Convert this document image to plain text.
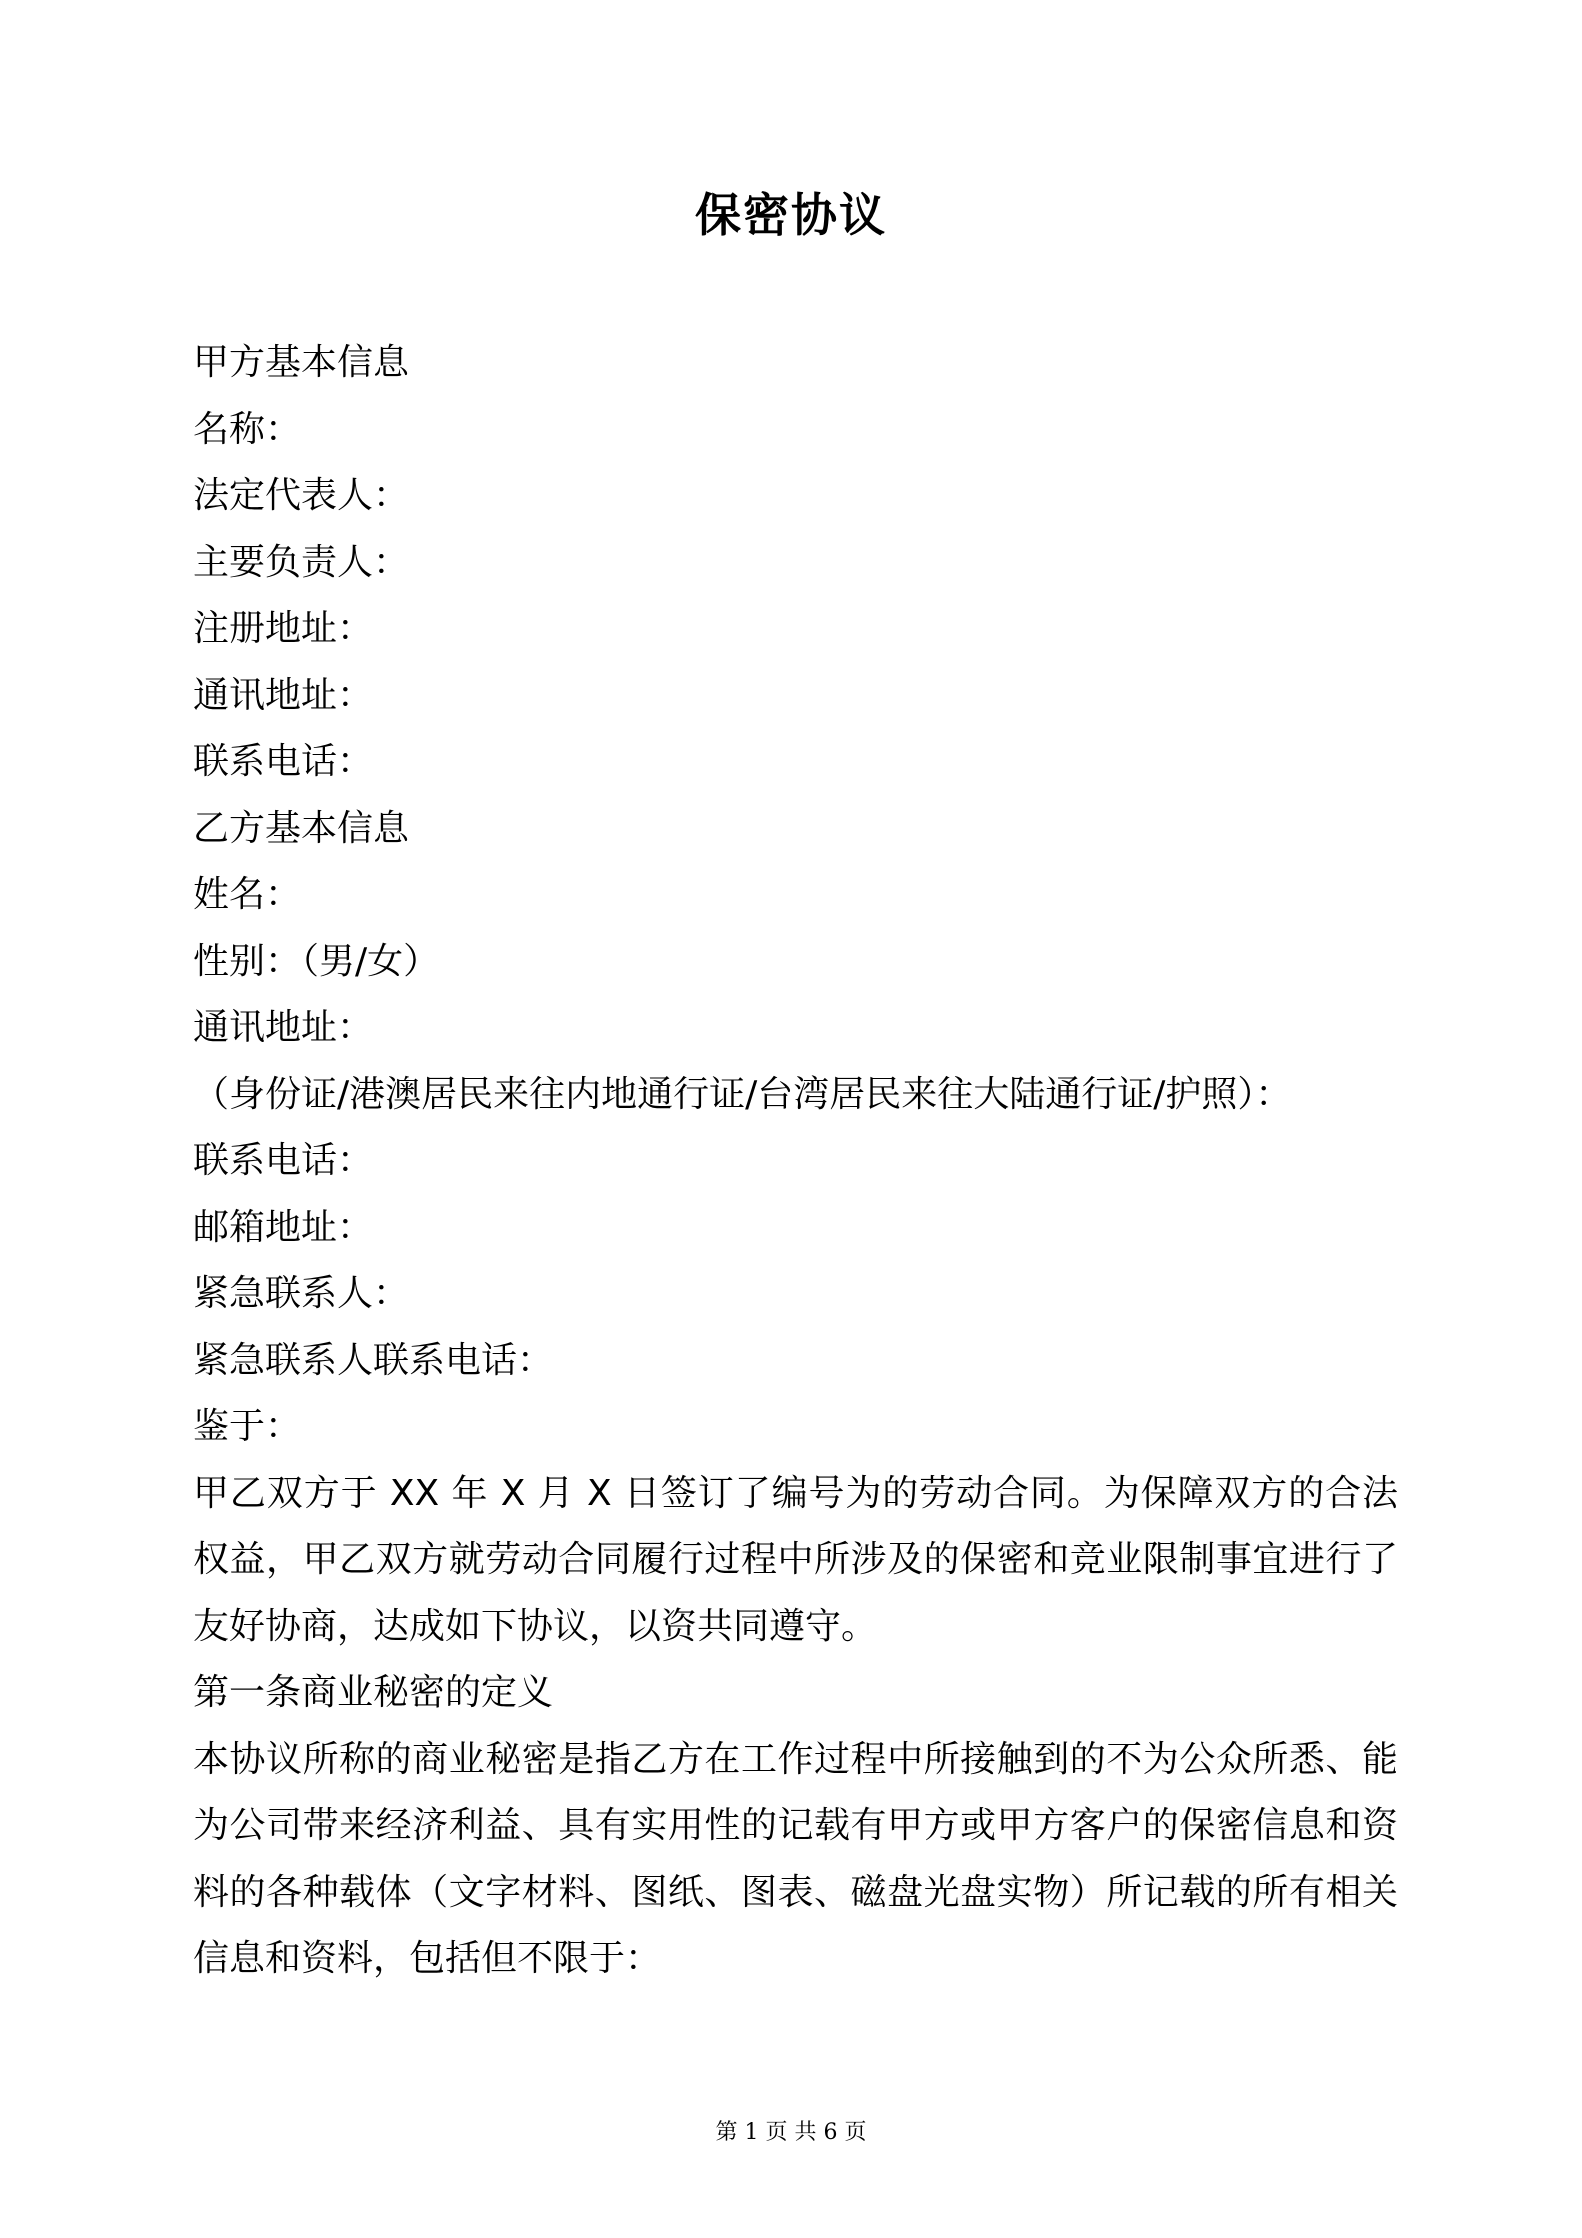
保密协议
甲方基本信息
名称：
法定代表人：
主要负责人：
注册地址：
通讯地址：
联系电话：
乙方基本信息
姓名：
性别：（男/女）
通讯地址：
（身份证/港澳居民来往内地通行证/台湾居民来往大陆通行证/护照）：
联系电话：
邮箱地址：
紧急联系人：
紧急联系人联系电话：
鉴于：
甲乙双方于 XX 年 X 月 X 日签订了编号为的劳动合同。为保障双方的合法权益，甲乙双方就劳动合同履行过程中所涉及的保密和竞业限制事宜进行了友好协商，达成如下协议，以资共同遵守。
第一条商业秘密的定义
本协议所称的商业秘密是指乙方在工作过程中所接触到的不为公众所悉、能为公司带来经济利益、具有实用性的记载有甲方或甲方客户的保密信息和资料的各种载体（文字材料、图纸、图表、磁盘光盘实物）所记载的所有相关信息和资料，包括但不限于：
第 1 页 共 6 页
